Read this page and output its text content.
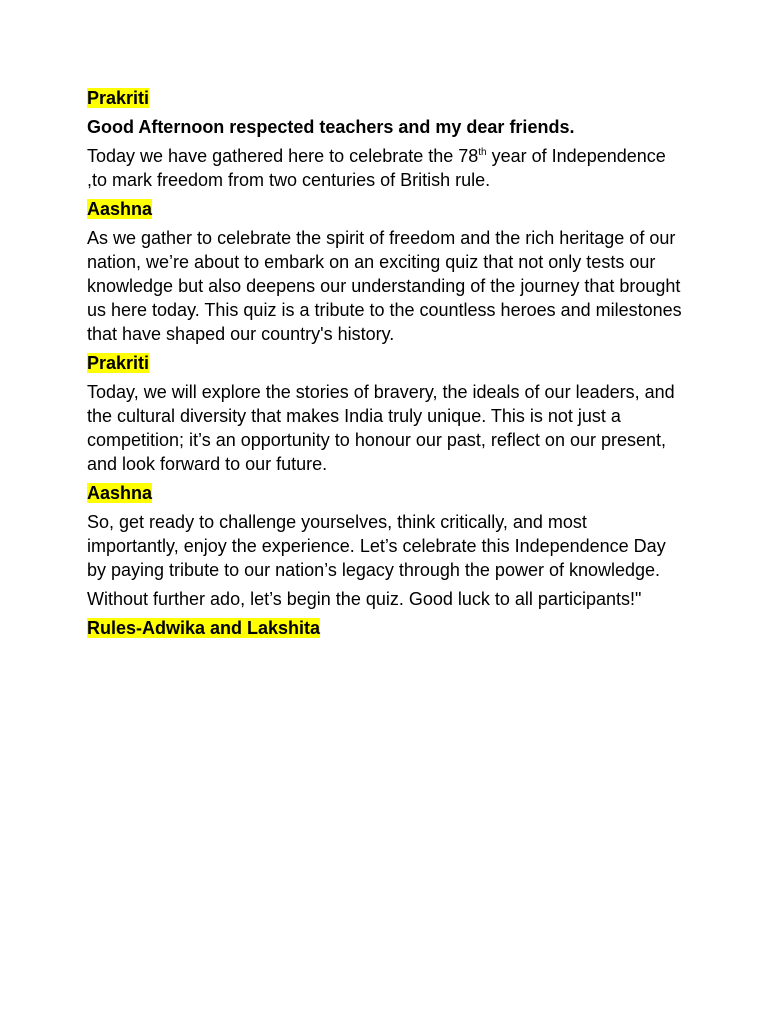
Prakriti

Good Afternoon respected teachers and my dear friends.

Today we have gathered here to celebrate the 78th year of Independence ,to mark freedom from two centuries of British rule.

Aashna

As we gather to celebrate the spirit of freedom and the rich heritage of our nation, we’re about to embark on an exciting quiz that not only tests our knowledge but also deepens our understanding of the journey that brought us here today. This quiz is a tribute to the countless heroes and milestones that have shaped our country's history.

Prakriti

Today, we will explore the stories of bravery, the ideals of our leaders, and the cultural diversity that makes India truly unique. This is not just a competition; it’s an opportunity to honour our past, reflect on our present, and look forward to our future.

Aashna

So, get ready to challenge yourselves, think critically, and most importantly, enjoy the experience. Let’s celebrate this Independence Day by paying tribute to our nation’s legacy through the power of knowledge.

Without further ado, let’s begin the quiz. Good luck to all participants!"

Rules-Adwika and Lakshita
